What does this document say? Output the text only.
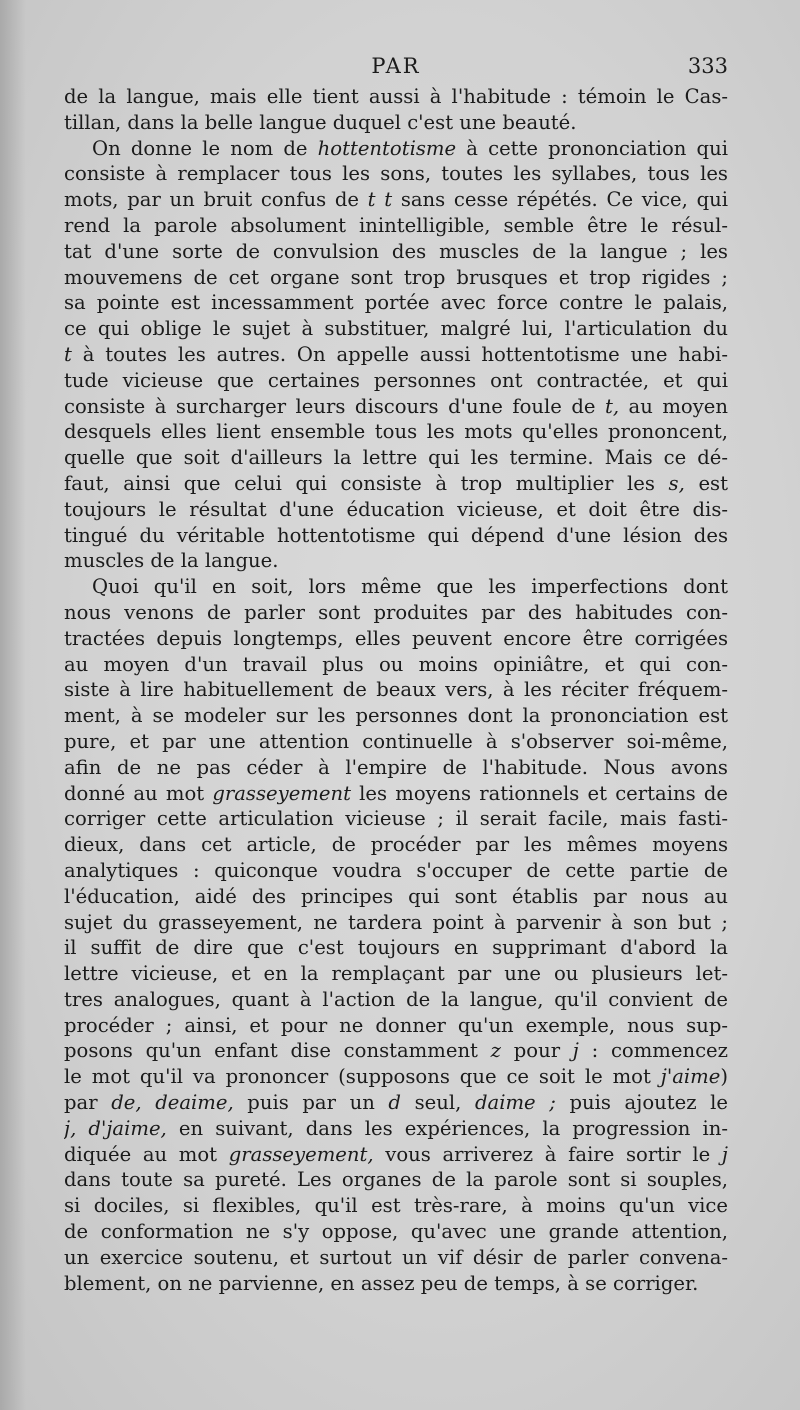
PAR	333
de la langue, mais elle tient aussi à l'habitude : témoin le Cas-
tillan, dans la belle langue duquel c'est une beauté.
On donne le nom de hottentotisme à cette prononciation qui
consiste à remplacer tous les sons, toutes les syllabes, tous les
mots, par un bruit confus de t t sans cesse répétés. Ce vice, qui
rend la parole absolument inintelligible, semble être le résul-
tat d'une sorte de convulsion des muscles de la langue ; les
mouvemens de cet organe sont trop brusques et trop rigides ;
sa pointe est incessamment portée avec force contre le palais,
ce qui oblige le sujet à substituer, malgré lui, l'articulation du
t à toutes les autres. On appelle aussi hottentotisme une habi-
tude vicieuse que certaines personnes ont contractée, et qui
consiste à surcharger leurs discours d'une foule de t, au moyen
desquels elles lient ensemble tous les mots qu'elles prononcent,
quelle que soit d'ailleurs la lettre qui les termine. Mais ce dé-
faut, ainsi que celui qui consiste à trop multiplier les s, est
toujours le résultat d'une éducation vicieuse, et doit être dis-
tingué du véritable hottentotisme qui dépend d'une lésion des
muscles de la langue.
Quoi qu'il en soit, lors même que les imperfections dont
nous venons de parler sont produites par des habitudes con-
tractées depuis longtemps, elles peuvent encore être corrigées
au moyen d'un travail plus ou moins opiniâtre, et qui con-
siste à lire habituellement de beaux vers, à les réciter fréquem-
ment, à se modeler sur les personnes dont la prononciation est
pure, et par une attention continuelle à s'observer soi-même,
afin de ne pas céder à l'empire de l'habitude. Nous avons
donné au mot grasseyement les moyens rationnels et certains de
corriger cette articulation vicieuse ; il serait facile, mais fasti-
dieux, dans cet article, de procéder par les mêmes moyens
analytiques : quiconque voudra s'occuper de cette partie de
l'éducation, aidé des principes qui sont établis par nous au
sujet du grasseyement, ne tardera point à parvenir à son but ;
il suffit de dire que c'est toujours en supprimant d'abord la
lettre vicieuse, et en la remplaçant par une ou plusieurs let-
tres analogues, quant à l'action de la langue, qu'il convient de
procéder ; ainsi, et pour ne donner qu'un exemple, nous sup-
posons qu'un enfant dise constamment z pour j : commencez
le mot qu'il va prononcer (supposons que ce soit le mot j'aime)
par de, deaime, puis par un d seul, daime ; puis ajoutez le
j, d'jaime, en suivant, dans les expériences, la progression in-
diquée au mot grasseyement, vous arriverez à faire sortir le j
dans toute sa pureté. Les organes de la parole sont si souples,
si dociles, si flexibles, qu'il est très-rare, à moins qu'un vice
de conformation ne s'y oppose, qu'avec une grande attention,
un exercice soutenu, et surtout un vif désir de parler convena-
blement, on ne parvienne, en assez peu de temps, à se corriger.
